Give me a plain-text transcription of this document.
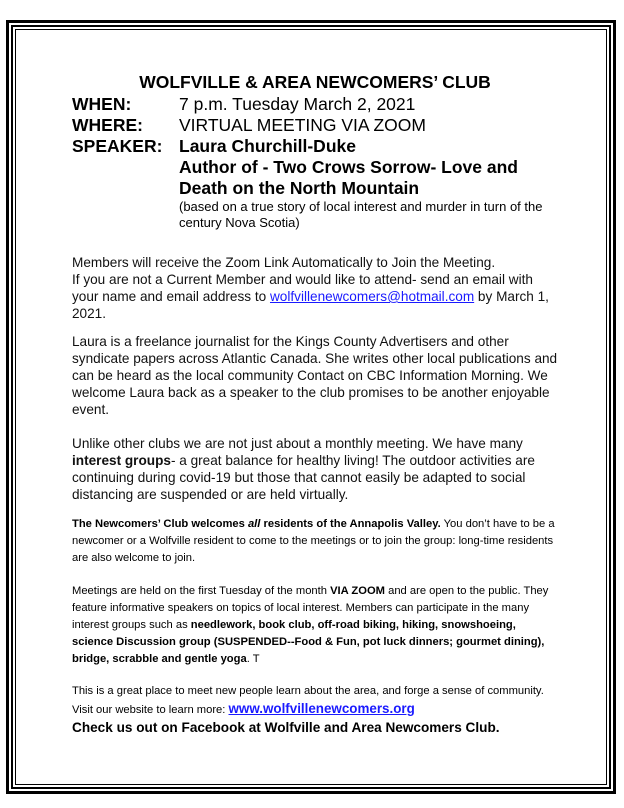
WOLFVILLE & AREA NEWCOMERS’ CLUB
WHEN:	7 p.m. Tuesday March 2, 2021
WHERE:	VIRTUAL MEETING VIA ZOOM
SPEAKER: Laura Churchill-Duke
Author of - Two Crows Sorrow- Love and
Death on the North Mountain
(based on a true story of local interest and murder in turn of the century Nova Scotia)

Members will receive the Zoom Link Automatically to Join the Meeting.
If you are not a Current Member and would like to attend- send an email with your name and email address to wolfvillenewcomers@hotmail.com by March 1, 2021.

Laura is a freelance journalist for the Kings County Advertisers and other syndicate papers across Atlantic Canada. She writes other local publications and can be heard as the local community Contact on CBC Information Morning. We welcome Laura back as a speaker to the club promises to be another enjoyable event.

Unlike other clubs we are not just about a monthly meeting. We have many interest groups- a great balance for healthy living! The outdoor activities are continuing during covid-19 but those that cannot easily be adapted to social distancing are suspended or are held virtually.

The Newcomers’ Club welcomes all residents of the Annapolis Valley. You don’t have to be a newcomer or a Wolfville resident to come to the meetings or to join the group: long-time residents are also welcome to join.

Meetings are held on the first Tuesday of the month VIA ZOOM and are open to the public. They feature informative speakers on topics of local interest. Members can participate in the many interest groups such as needlework, book club, off-road biking, hiking, snowshoeing, science Discussion group (SUSPENDED--Food & Fun, pot luck dinners; gourmet dining), bridge, scrabble and gentle yoga. T

This is a great place to meet new people learn about the area, and forge a sense of community. Visit our website to learn more: www.wolfvillenewcomers.org

Check us out on Facebook at Wolfville and Area Newcomers Club.
